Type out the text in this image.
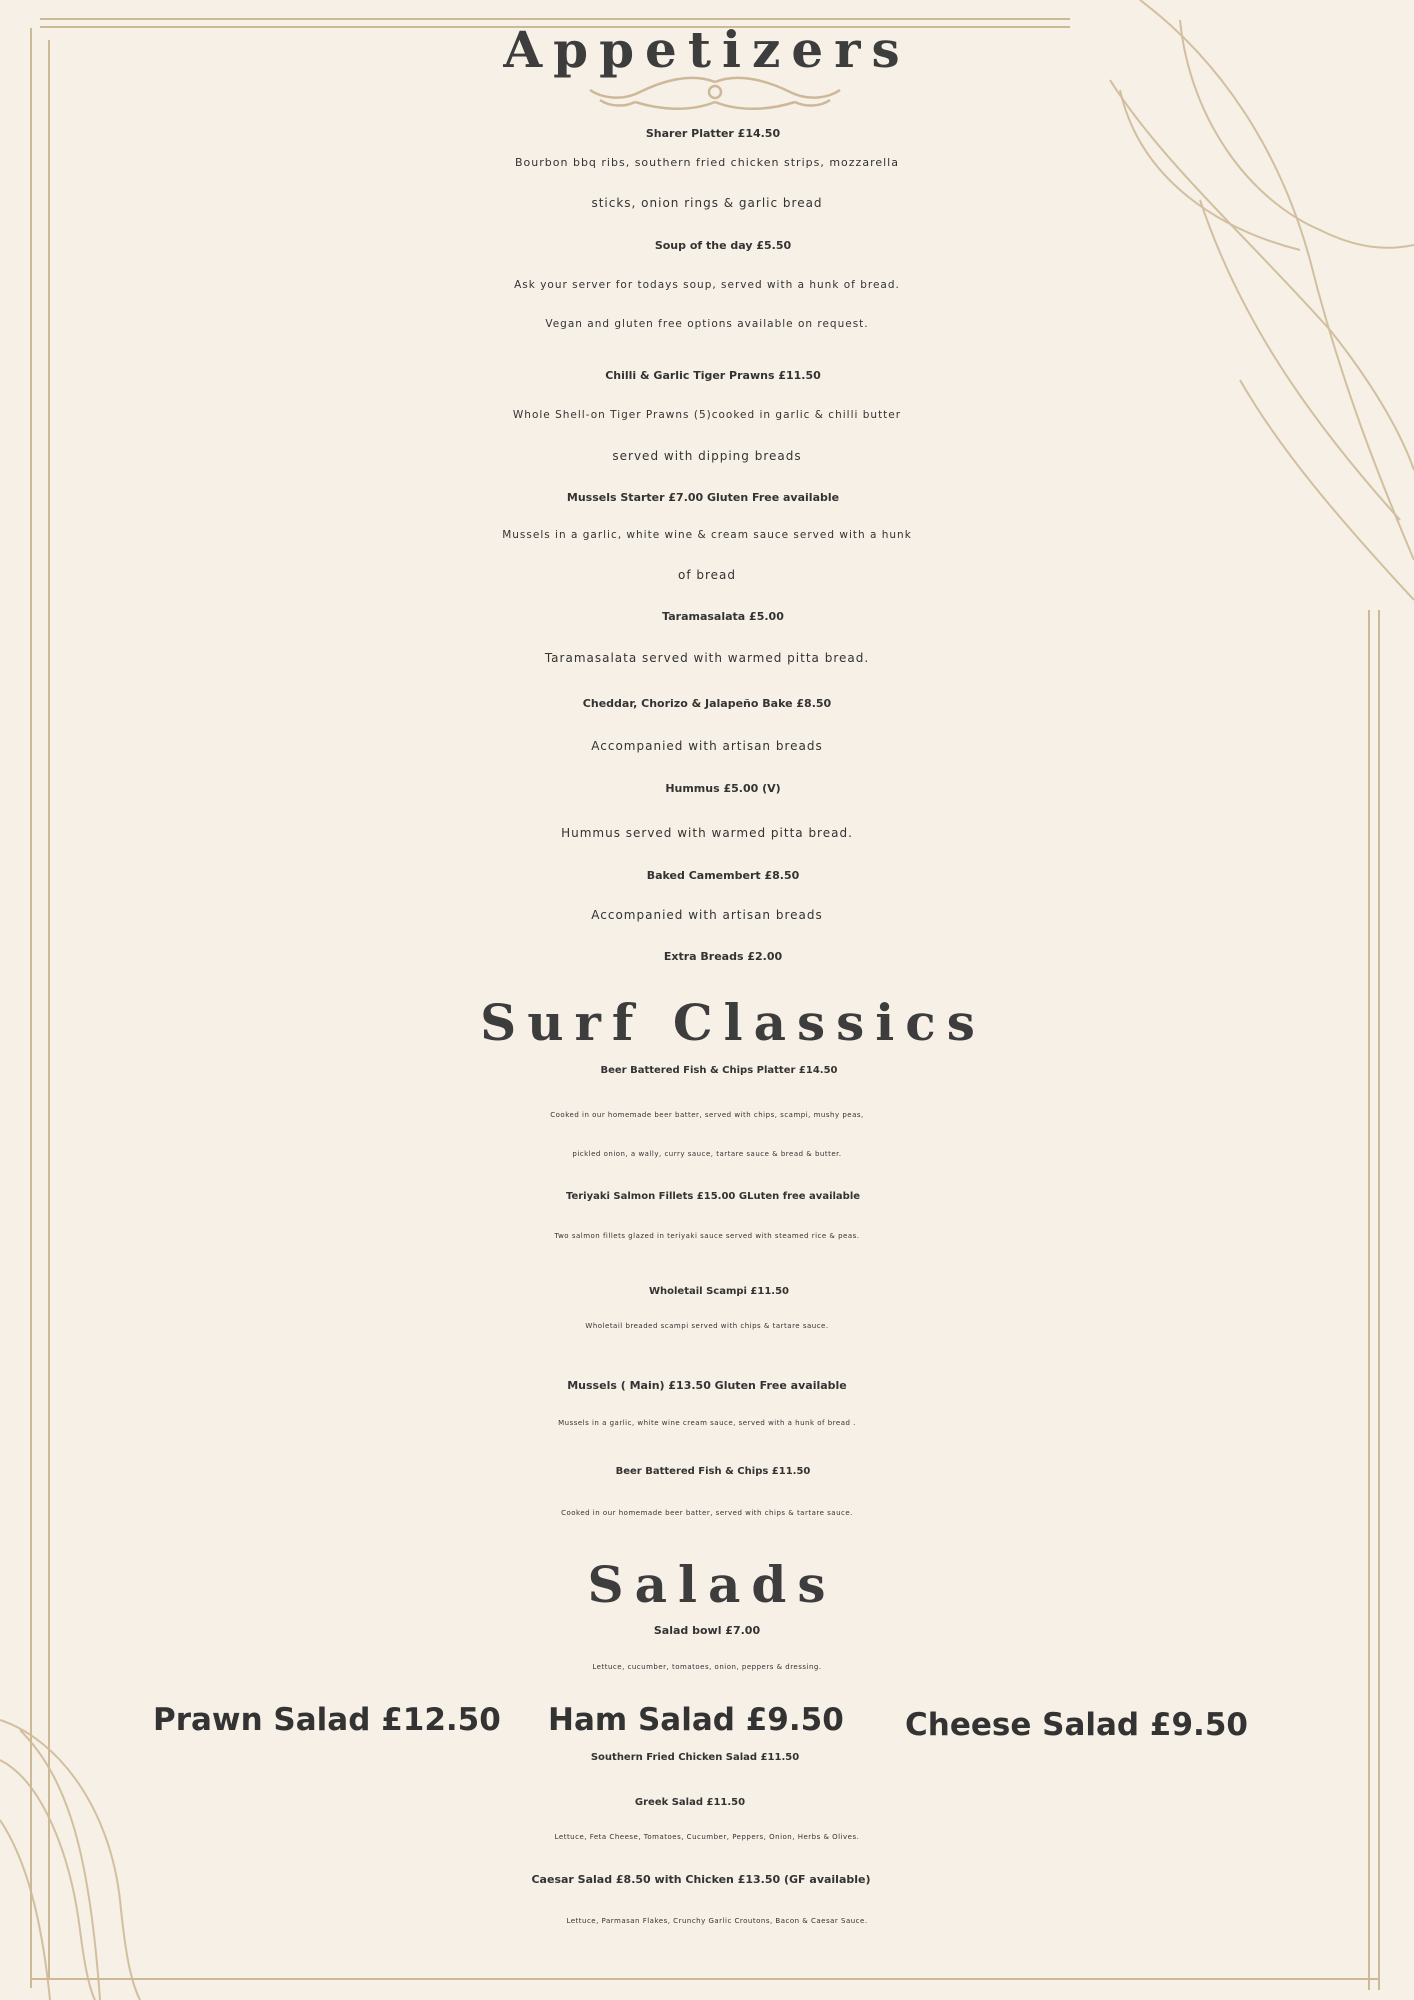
Appetizers
Sharer Platter £14.50
Bourbon bbq ribs, southern fried chicken strips, mozzarella
sticks, onion rings & garlic bread
Soup of the day £5.50
Ask your server for todays soup, served with a hunk of bread.
Vegan and gluten free options available on request.
Chilli & Garlic Tiger Prawns £11.50
Whole Shell-on Tiger Prawns (5)cooked in garlic & chilli butter
served with dipping breads
Mussels Starter £7.00 Gluten Free available
Mussels in a garlic, white wine & cream sauce served with a hunk
of bread
Taramasalata £5.00
Taramasalata served with warmed pitta bread.
Cheddar, Chorizo & Jalapeño Bake £8.50
Accompanied with artisan breads
Hummus £5.00 (V)
Hummus served with warmed pitta bread.
Baked Camembert £8.50
Accompanied with artisan breads
Extra Breads £2.00
Surf Classics
Beer Battered Fish & Chips Platter £14.50
Cooked in our homemade beer batter, served with chips, scampi, mushy peas,
pickled onion, a wally, curry sauce, tartare sauce & bread & butter.
Teriyaki Salmon Fillets £15.00 GLuten free available
Two salmon fillets glazed in teriyaki sauce served with steamed rice & peas.
Wholetail Scampi £11.50
Wholetail breaded scampi served with chips & tartare sauce.
Mussels ( Main) £13.50 Gluten Free available
Mussels in a garlic, white wine cream sauce, served with a hunk of bread .
Beer Battered Fish & Chips £11.50
Cooked in our homemade beer batter, served with chips & tartare sauce.
Salads
Salad bowl £7.00
Lettuce, cucumber, tomatoes, onion, peppers & dressing.
Prawn Salad £12.50 Ham Salad £9.50 Cheese Salad £9.50
Southern Fried Chicken Salad £11.50
Greek Salad £11.50
Lettuce, Feta Cheese, Tomatoes, Cucumber, Peppers, Onion, Herbs & Olives.
Caesar Salad £8.50 with Chicken £13.50 (GF available)
Lettuce, Parmasan Flakes, Crunchy Garlic Croutons, Bacon & Caesar Sauce.
